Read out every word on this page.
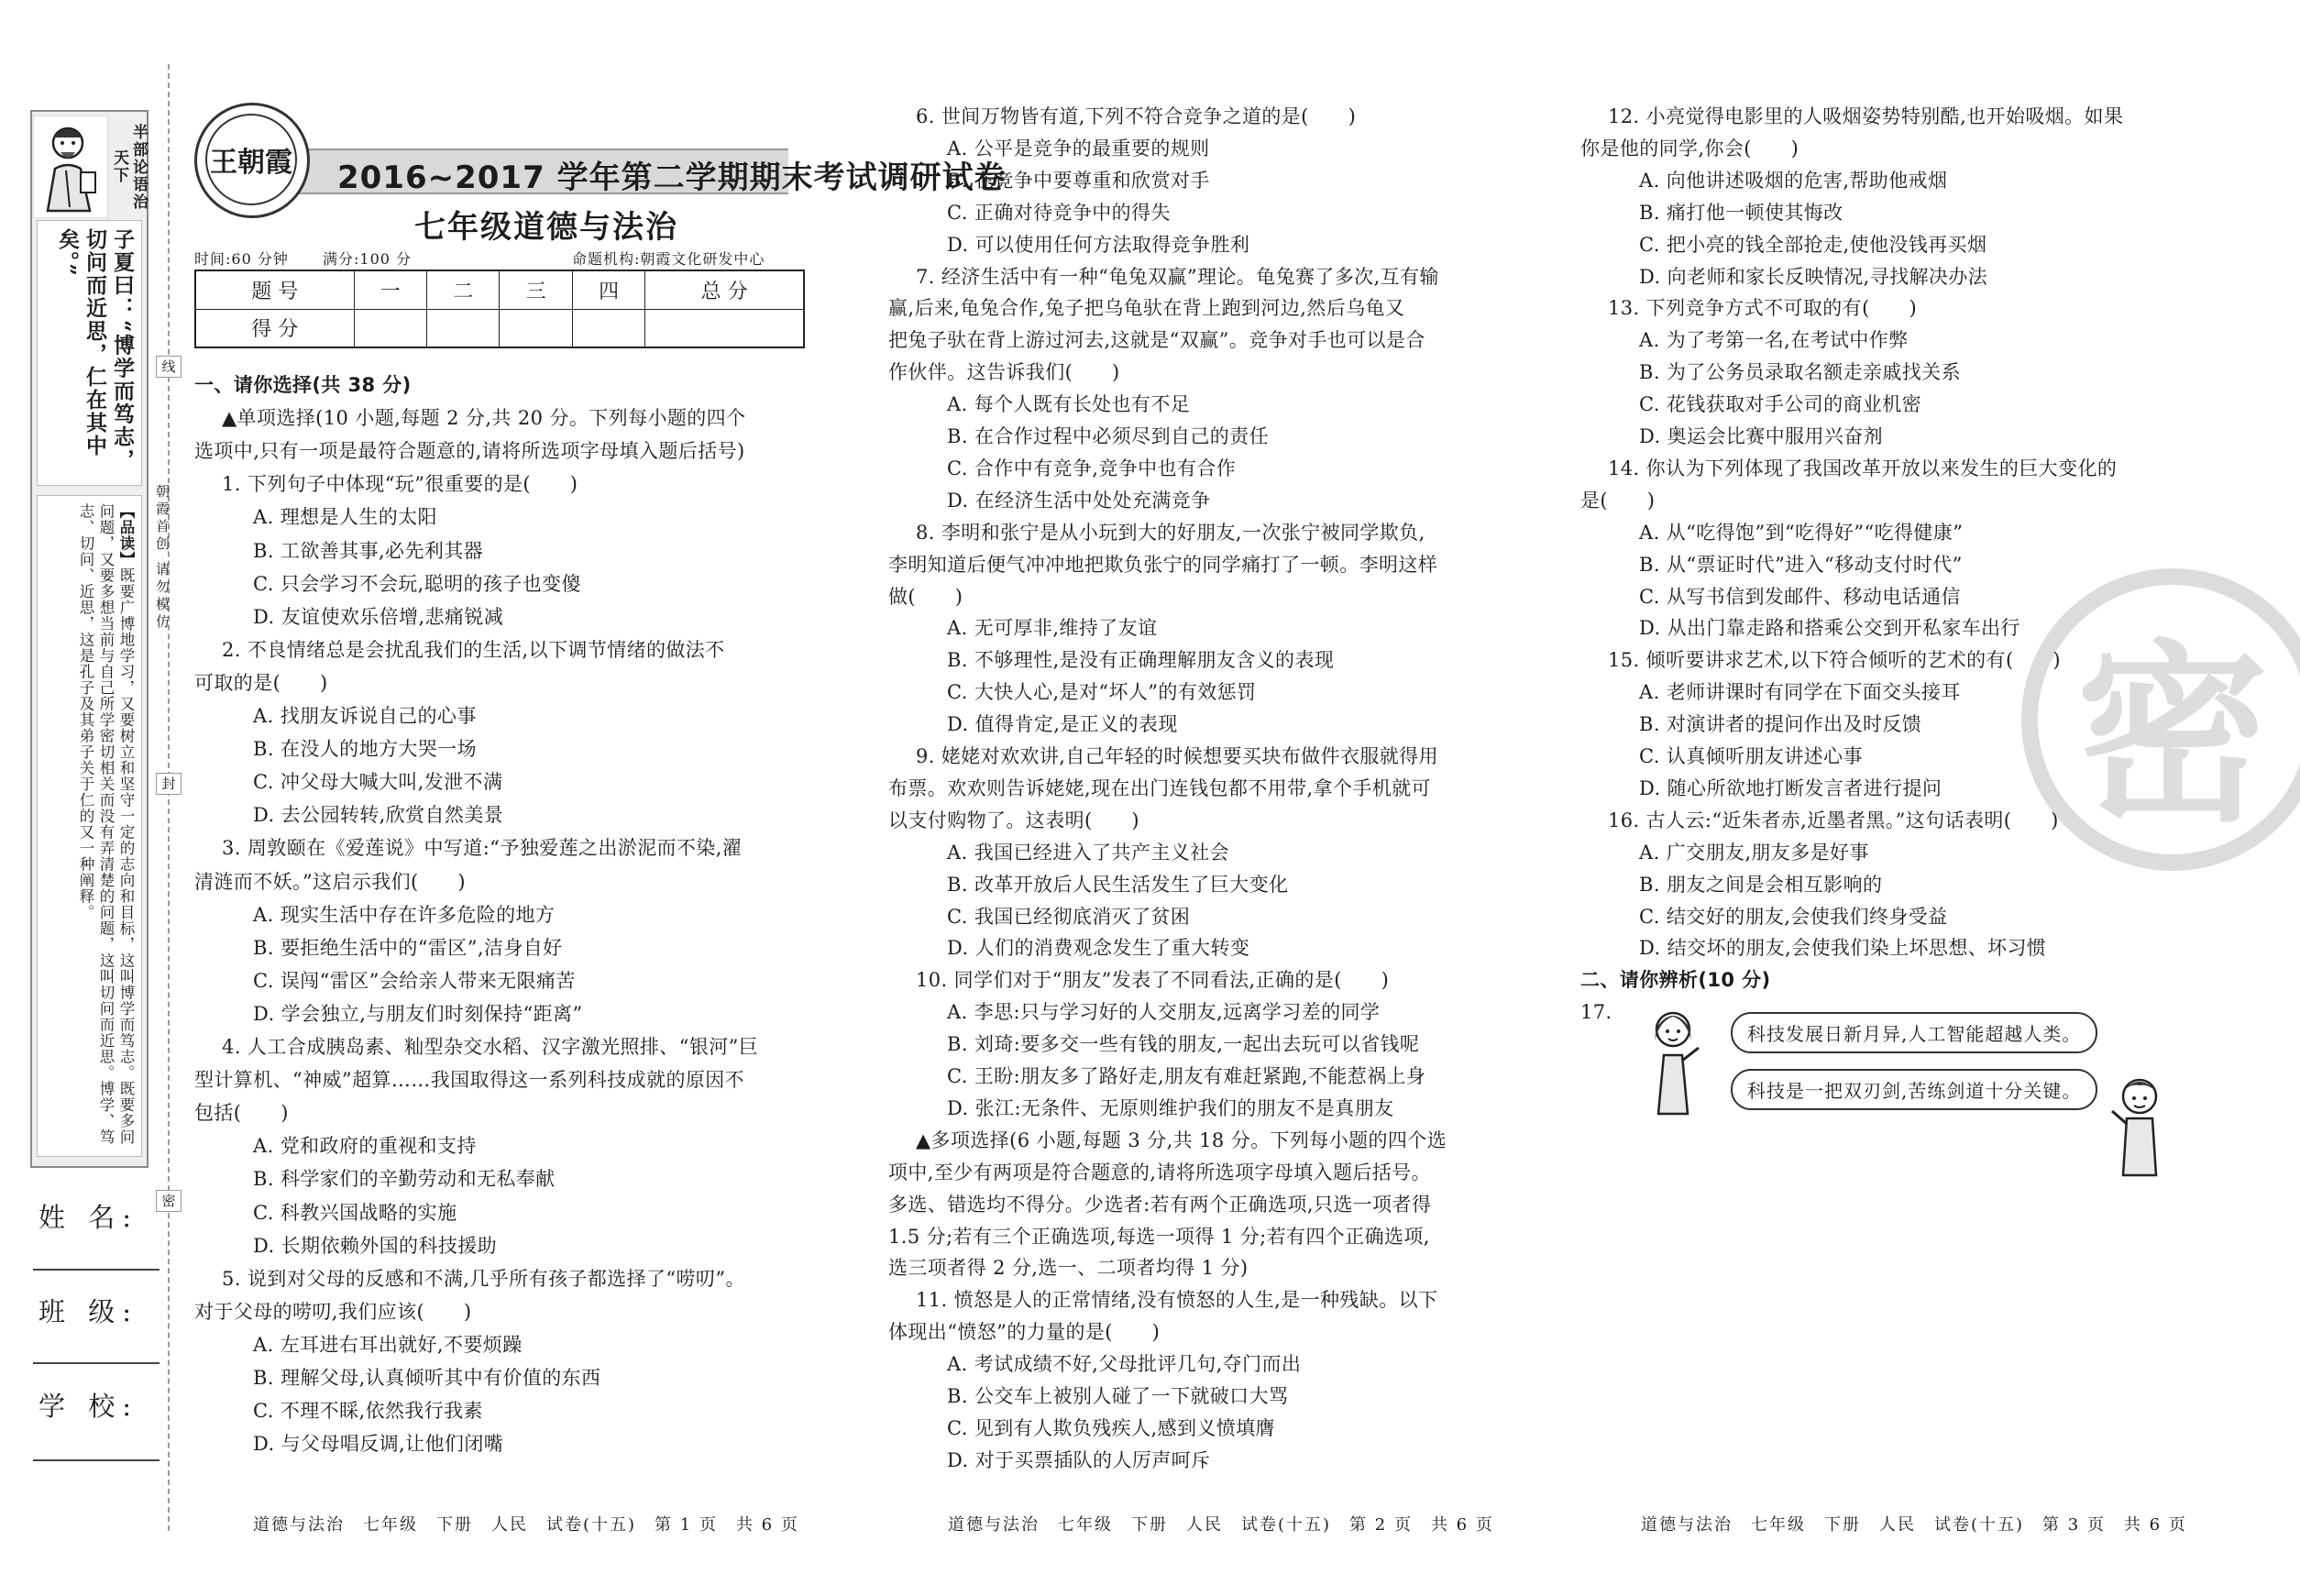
半部论语治天下
子夏曰：“博学而笃志，切问而近思，仁在其中矣。”
【品读】既要广博地学习，又要树立和坚守一定的志向和目标，这叫博学而笃志。既要多问问题，又要多想当前与自己所学密切相关而没有弄清楚的问题，这叫切问而近思。博学、笃志、切问、近思，这是孔子及其弟子关于仁的又一种阐释。
线
封
密
朝霞首创 请勿模仿
姓 名:
班 级:
学 校:
王朝霞 2016~2017 学年第二学期期末考试调研试卷
七年级道德与法治
时间:60 分钟 满分:100 分	命题机构:朝霞文化研发中心
题 号	一	二	三	四	总 分
得 分					
密
一、请你选择(共 38 分)
▲单项选择(10 小题,每题 2 分,共 20 分。下列每小题的四个
选项中,只有一项是最符合题意的,请将所选项字母填入题后括号)
1. 下列句子中体现“玩”很重要的是(　　)
A. 理想是人生的太阳
B. 工欲善其事,必先利其器
C. 只会学习不会玩,聪明的孩子也变傻
D. 友谊使欢乐倍增,悲痛锐减
2. 不良情绪总是会扰乱我们的生活,以下调节情绪的做法不
可取的是(　　)
A. 找朋友诉说自己的心事
B. 在没人的地方大哭一场
C. 冲父母大喊大叫,发泄不满
D. 去公园转转,欣赏自然美景
3. 周敦颐在《爱莲说》中写道:“予独爱莲之出淤泥而不染,濯
清涟而不妖。”这启示我们(　　)
A. 现实生活中存在许多危险的地方
B. 要拒绝生活中的“雷区”,洁身自好
C. 误闯“雷区”会给亲人带来无限痛苦
D. 学会独立,与朋友们时刻保持“距离”
4. 人工合成胰岛素、籼型杂交水稻、汉字激光照排、“银河”巨
型计算机、“神威”超算……我国取得这一系列科技成就的原因不
包括(　　)
A. 党和政府的重视和支持
B. 科学家们的辛勤劳动和无私奉献
C. 科教兴国战略的实施
D. 长期依赖外国的科技援助
5. 说到对父母的反感和不满,几乎所有孩子都选择了“唠叨”。
对于父母的唠叨,我们应该(　　)
A. 左耳进右耳出就好,不要烦躁
B. 理解父母,认真倾听其中有价值的东西
C. 不理不睬,依然我行我素
D. 与父母唱反调,让他们闭嘴
6. 世间万物皆有道,下列不符合竞争之道的是(　　)
A. 公平是竞争的最重要的规则
B. 在竞争中要尊重和欣赏对手
C. 正确对待竞争中的得失
D. 可以使用任何方法取得竞争胜利
7. 经济生活中有一种“龟兔双赢”理论。龟兔赛了多次,互有输
赢,后来,龟兔合作,兔子把乌龟驮在背上跑到河边,然后乌龟又
把兔子驮在背上游过河去,这就是“双赢”。竞争对手也可以是合
作伙伴。这告诉我们(　　)
A. 每个人既有长处也有不足
B. 在合作过程中必须尽到自己的责任
C. 合作中有竞争,竞争中也有合作
D. 在经济生活中处处充满竞争
8. 李明和张宁是从小玩到大的好朋友,一次张宁被同学欺负,
李明知道后便气冲冲地把欺负张宁的同学痛打了一顿。李明这样
做(　　)
A. 无可厚非,维持了友谊
B. 不够理性,是没有正确理解朋友含义的表现
C. 大快人心,是对“坏人”的有效惩罚
D. 值得肯定,是正义的表现
9. 姥姥对欢欢讲,自己年轻的时候想要买块布做件衣服就得用
布票。欢欢则告诉姥姥,现在出门连钱包都不用带,拿个手机就可
以支付购物了。这表明(　　)
A. 我国已经进入了共产主义社会
B. 改革开放后人民生活发生了巨大变化
C. 我国已经彻底消灭了贫困
D. 人们的消费观念发生了重大转变
10. 同学们对于“朋友”发表了不同看法,正确的是(　　)
A. 李思:只与学习好的人交朋友,远离学习差的同学
B. 刘琦:要多交一些有钱的朋友,一起出去玩可以省钱呢
C. 王盼:朋友多了路好走,朋友有难赶紧跑,不能惹祸上身
D. 张江:无条件、无原则维护我们的朋友不是真朋友
▲多项选择(6 小题,每题 3 分,共 18 分。下列每小题的四个选
项中,至少有两项是符合题意的,请将所选项字母填入题后括号。
多选、错选均不得分。少选者:若有两个正确选项,只选一项者得
1.5 分;若有三个正确选项,每选一项得 1 分;若有四个正确选项,
选三项者得 2 分,选一、二项者均得 1 分)
11. 愤怒是人的正常情绪,没有愤怒的人生,是一种残缺。以下
体现出“愤怒”的力量的是(　　)
A. 考试成绩不好,父母批评几句,夺门而出
B. 公交车上被别人碰了一下就破口大骂
C. 见到有人欺负残疾人,感到义愤填膺
D. 对于买票插队的人厉声呵斥
12. 小亮觉得电影里的人吸烟姿势特别酷,也开始吸烟。如果
你是他的同学,你会(　　)
A. 向他讲述吸烟的危害,帮助他戒烟
B. 痛打他一顿使其悔改
C. 把小亮的钱全部抢走,使他没钱再买烟
D. 向老师和家长反映情况,寻找解决办法
13. 下列竞争方式不可取的有(　　)
A. 为了考第一名,在考试中作弊
B. 为了公务员录取名额走亲戚找关系
C. 花钱获取对手公司的商业机密
D. 奥运会比赛中服用兴奋剂
14. 你认为下列体现了我国改革开放以来发生的巨大变化的
是(　　)
A. 从“吃得饱”到“吃得好”“吃得健康”
B. 从“票证时代”进入“移动支付时代”
C. 从写书信到发邮件、移动电话通信
D. 从出门靠走路和搭乘公交到开私家车出行
15. 倾听要讲求艺术,以下符合倾听的艺术的有(　　)
A. 老师讲课时有同学在下面交头接耳
B. 对演讲者的提问作出及时反馈
C. 认真倾听朋友讲述心事
D. 随心所欲地打断发言者进行提问
16. 古人云:“近朱者赤,近墨者黑。”这句话表明(　　)
A. 广交朋友,朋友多是好事
B. 朋友之间是会相互影响的
C. 结交好的朋友,会使我们终身受益
D. 结交坏的朋友,会使我们染上坏思想、坏习惯
二、请你辨析(10 分)
17.
科技发展日新月异,人工智能超越人类。
科技是一把双刃剑,苦练剑道十分关键。
道德与法治　七年级　下册　人民　试卷(十五)　第 1 页　共 6 页	道德与法治　七年级　下册　人民　试卷(十五)　第 2 页　共 6 页	道德与法治　七年级　下册　人民　试卷(十五)　第 3 页　共 6 页
